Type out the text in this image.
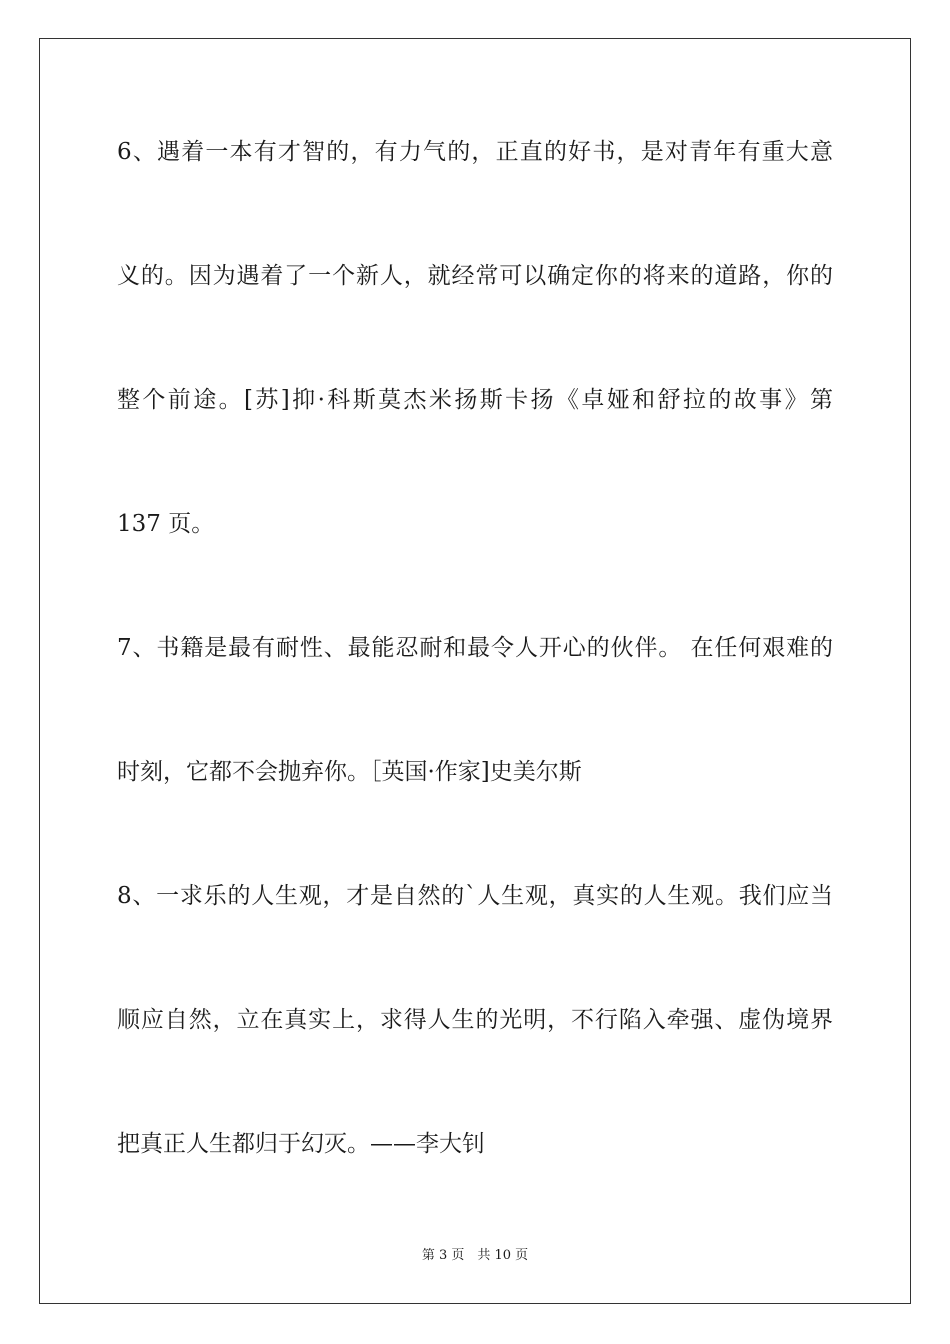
6、遇着一本有才智的，有力气的，正直的好书，是对青年有重大意
义的。因为遇着了一个新人，就经常可以确定你的将来的道路，你的
整个前途。[苏]抑·科斯莫杰米扬斯卡扬《卓娅和舒拉的故事》第
137 页。
7、书籍是最有耐性、最能忍耐和最令人开心的伙伴。 在任何艰难的
时刻，它都不会抛弃你。［英国·作家]史美尔斯
8、一求乐的人生观，才是自然的`人生观，真实的人生观。我们应当
顺应自然，立在真实上，求得人生的光明，不行陷入牵强、虚伪境界
把真正人生都归于幻灭。——李大钊
第 3 页　共 10 页
